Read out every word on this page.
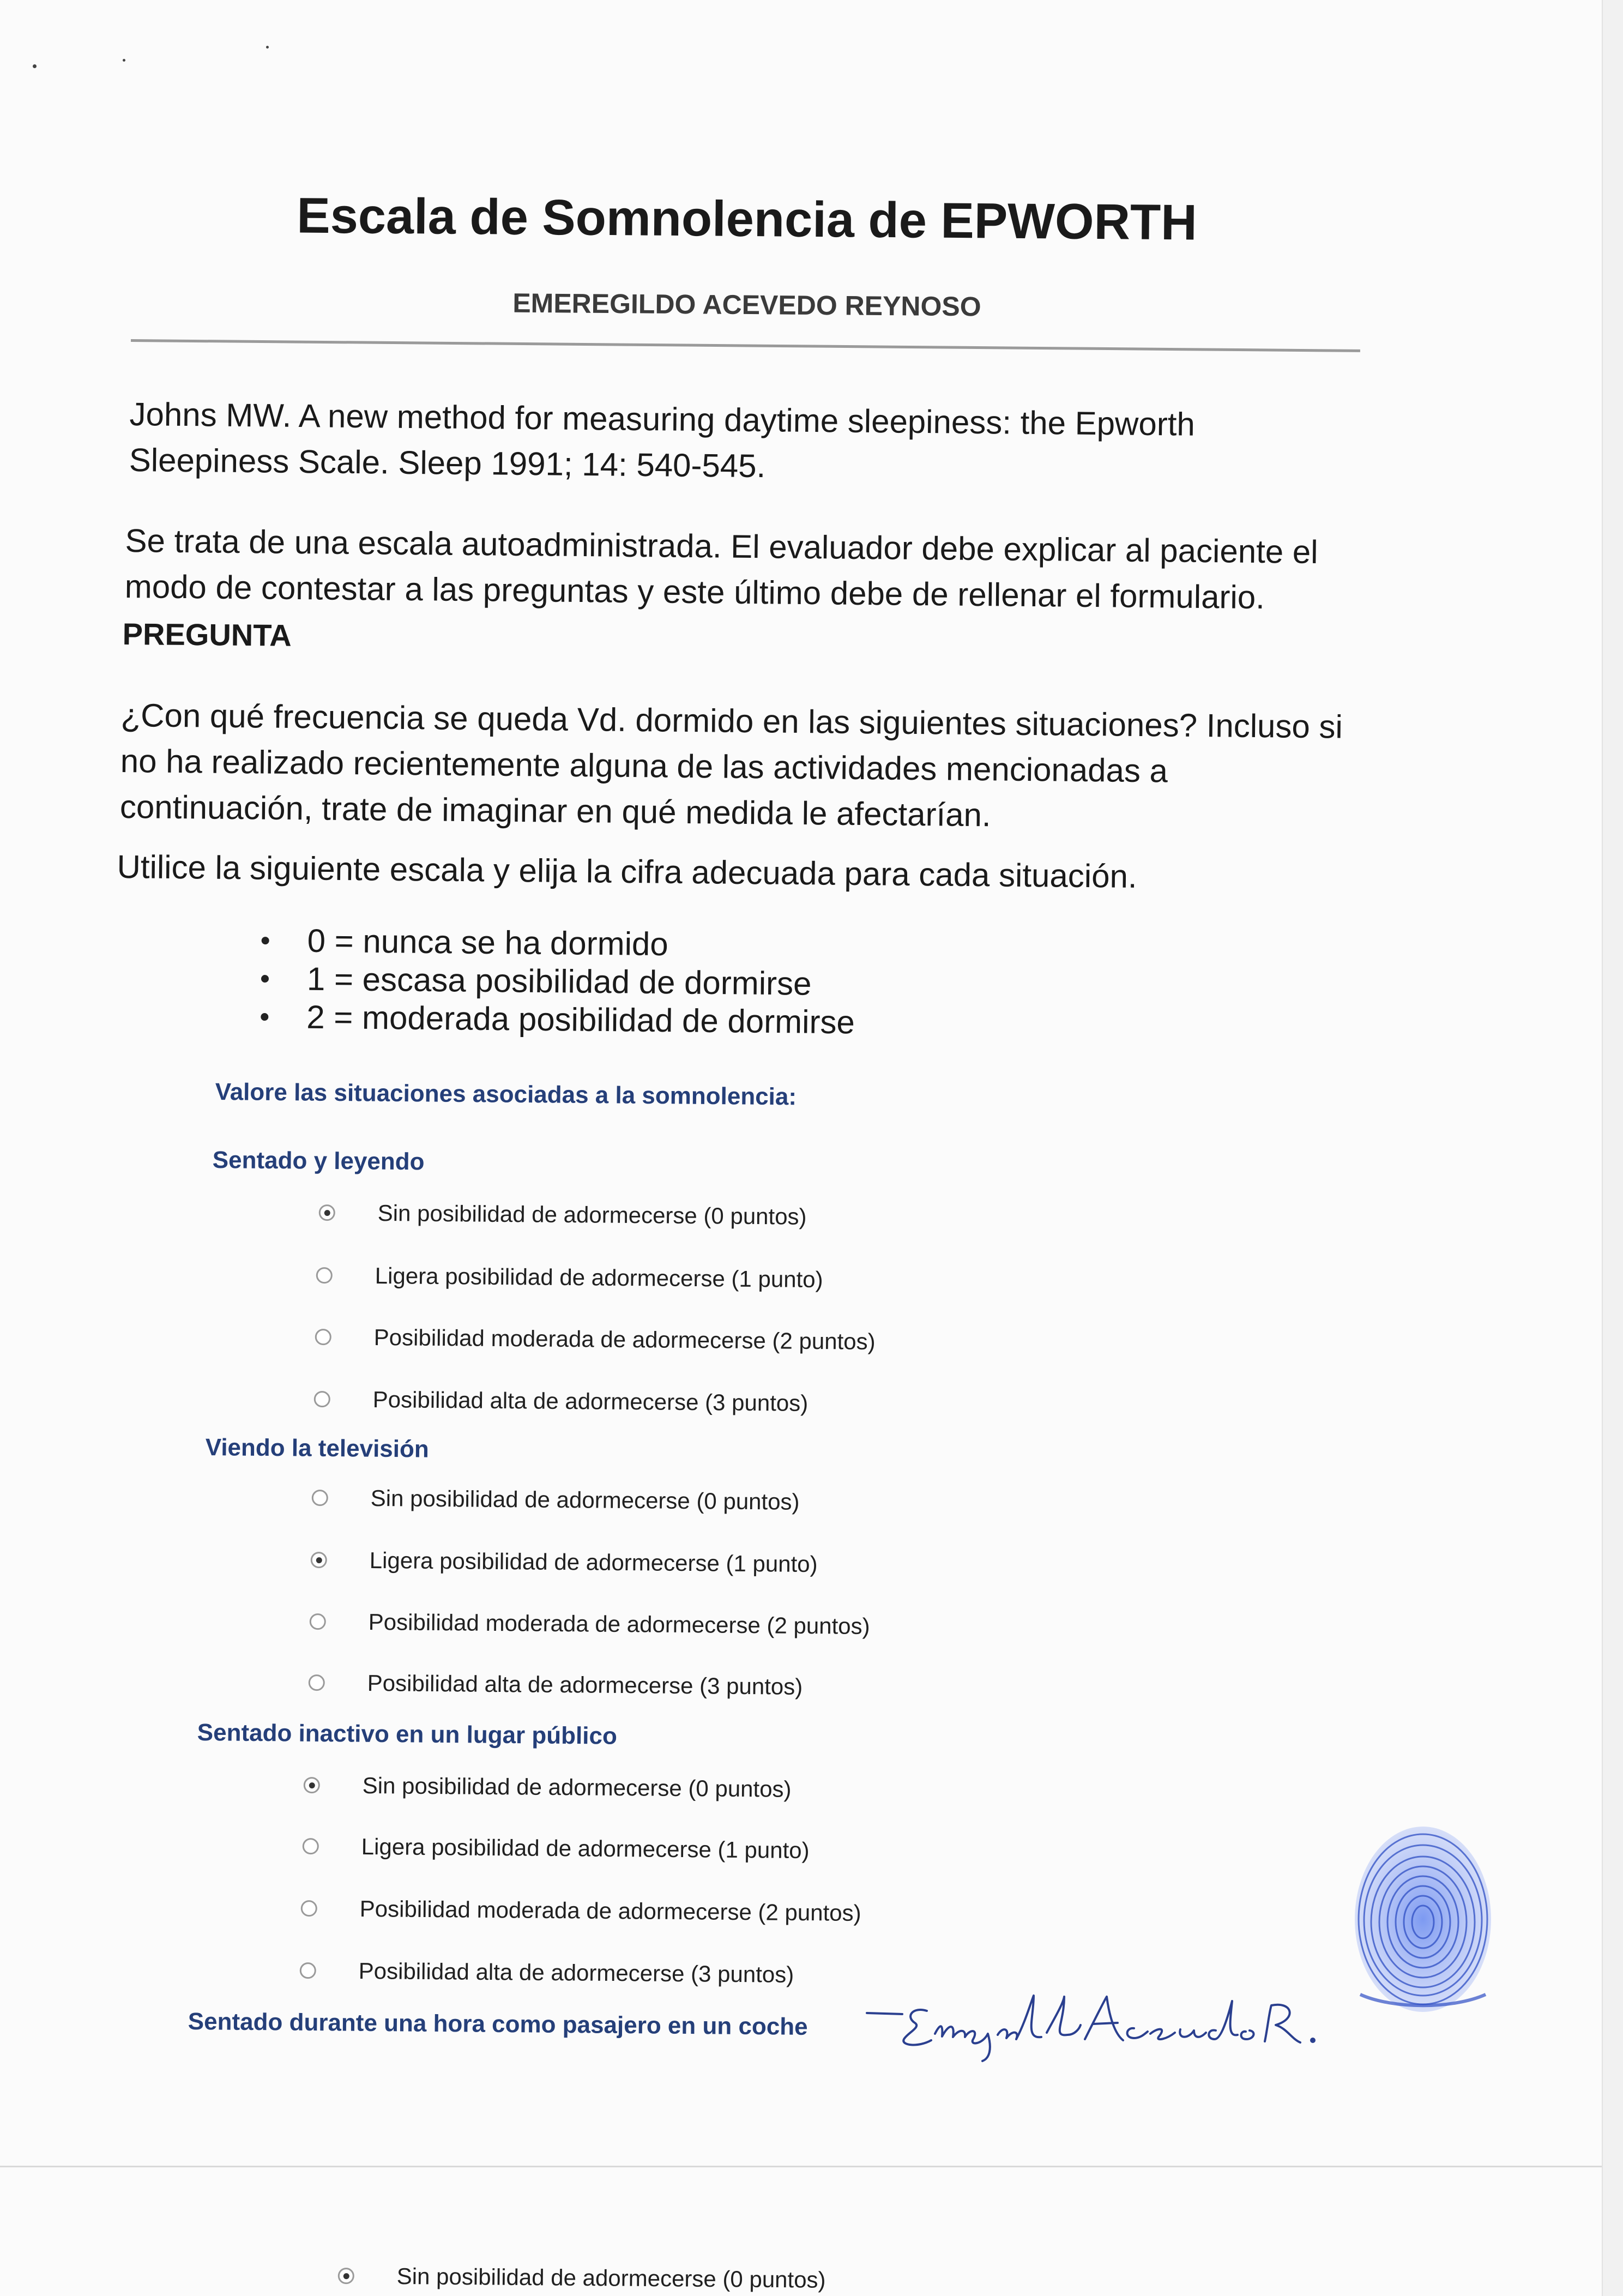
Escala de Somnolencia de EPWORTH
EMEREGILDO ACEVEDO REYNOSO
Johns MW. A new method for measuring daytime sleepiness: the Epworth Sleepiness Scale. Sleep 1991; 14: 540-545.
Se trata de una escala autoadministrada. El evaluador debe explicar al paciente el modo de contestar a las preguntas y este último debe de rellenar el formulario.
PREGUNTA
¿Con qué frecuencia se queda Vd. dormido en las siguientes situaciones? Incluso si no ha realizado recientemente alguna de las actividades mencionadas a continuación, trate de imaginar en qué medida le afectarían.
Utilice la siguiente escala y elija la cifra adecuada para cada situación.
0 = nunca se ha dormido
1 = escasa posibilidad de dormirse
2 = moderada posibilidad de dormirse
Valore las situaciones asociadas a la somnolencia:
Sentado y leyendo
Sin posibilidad de adormecerse (0 puntos)
Ligera posibilidad de adormecerse (1 punto)
Posibilidad moderada de adormecerse (2 puntos)
Posibilidad alta de adormecerse (3 puntos)
Viendo la televisión
Sin posibilidad de adormecerse (0 puntos)
Ligera posibilidad de adormecerse (1 punto)
Posibilidad moderada de adormecerse (2 puntos)
Posibilidad alta de adormecerse (3 puntos)
Sentado inactivo en un lugar público
Sin posibilidad de adormecerse (0 puntos)
Ligera posibilidad de adormecerse (1 punto)
Posibilidad moderada de adormecerse (2 puntos)
Posibilidad alta de adormecerse (3 puntos)
Sentado durante una hora como pasajero en un coche
Sin posibilidad de adormecerse (0 puntos)
